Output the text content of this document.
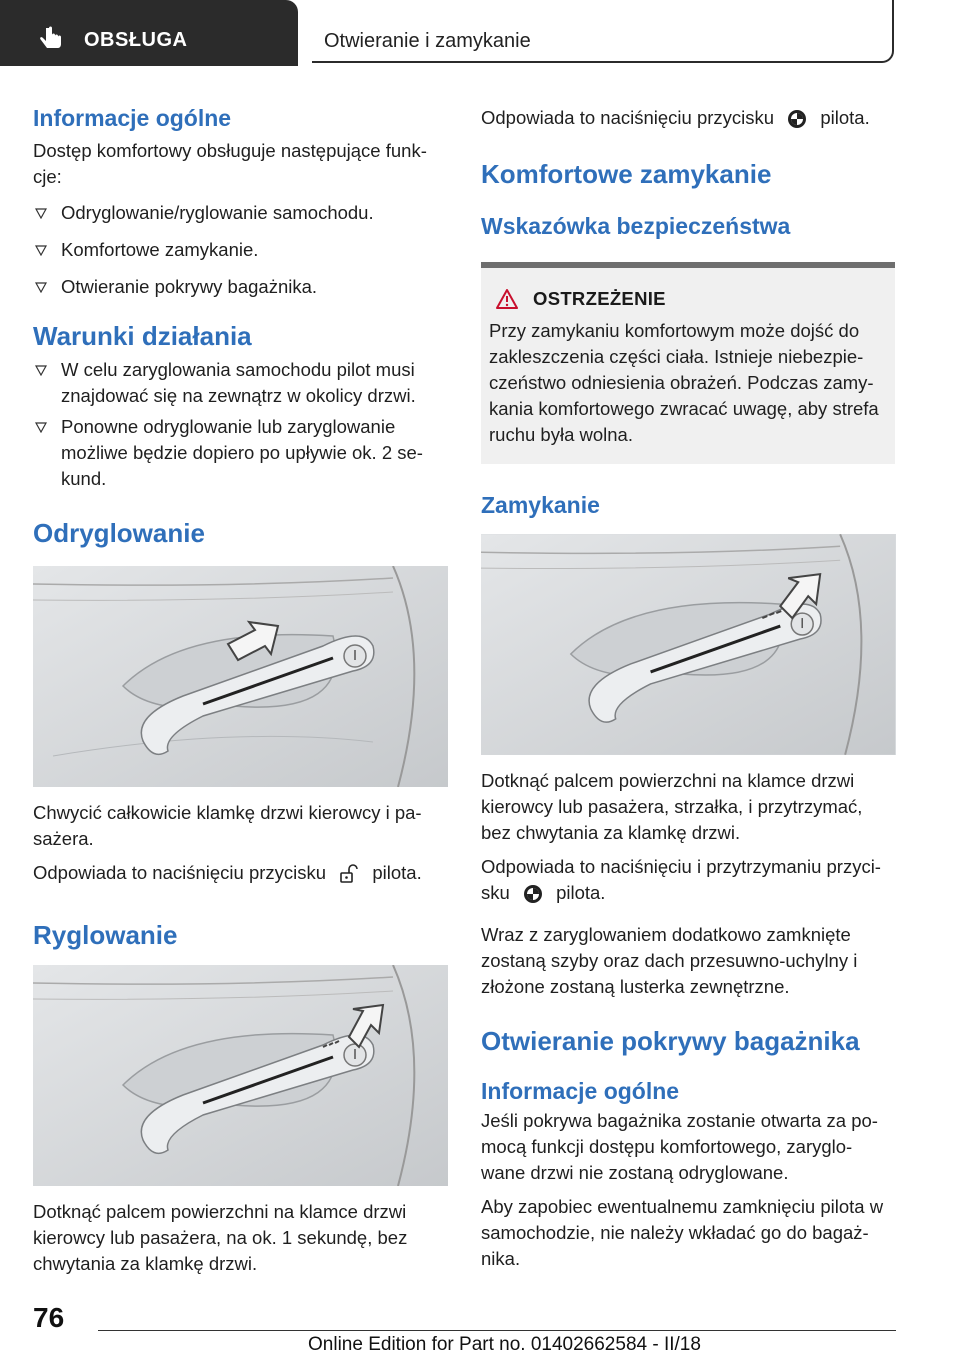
OBSŁUGA	Otwieranie i zamykanie
Informacje ogólne

Dostęp komfortowy obsługuje następujące funk-cje:

Odryglowanie/ryglowanie samochodu.
Komfortowe zamykanie.
Otwieranie pokrywy bagażnika.
Warunki działania
W celu zaryglowania samochodu pilot musi znajdować się na zewnątrz w okolicy drzwi.
Ponowne odryglowanie lub zaryglowanie możliwe będzie dopiero po upływie ok. 2 se-kund.
Odryglowanie

Chwycić całkowicie klamkę drzwi kierowcy i pa-sażera.

Odpowiada to naciśnięciu przycisku	pilota.

Ryglowanie

Dotknąć palcem powierzchni na klamce drzwi kierowcy lub pasażera, na ok. 1 sekundę, bez chwytania za klamkę drzwi.

Odpowiada to naciśnięciu przycisku	pilota.

Komfortowe zamykanie
Wskazówka bezpieczeństwa
OSTRZEŻENIE

Przy zamykaniu komfortowym może dojść do zakleszczenia części ciała. Istnieje niebezpie-czeństwo odniesienia obrażeń. Podczas zamy-kania komfortowego zwracać uwagę, aby strefa ruchu była wolna.

Zamykanie

Dotknąć palcem powierzchni na klamce drzwi kierowcy lub pasażera, strzałka, i przytrzymać, bez chwytania za klamkę drzwi.

Odpowiada to naciśnięciu i przytrzymaniu przyci-sku	pilota.

Wraz z zaryglowaniem dodatkowo zamknięte zostaną szyby oraz dach przesuwno-uchylny i złożone zostaną lusterka zewnętrzne.

Otwieranie pokrywy bagażnika
Informacje ogólne

Jeśli pokrywa bagażnika zostanie otwarta za po-mocą funkcji dostępu komfortowego, zaryglo-wane drzwi nie zostaną odryglowane.

Aby zapobiec ewentualnemu zamknięciu pilota w samochodzie, nie należy wkładać go do bagaż-nika.

76
Online Edition for Part no. 01402662584 - II/18
